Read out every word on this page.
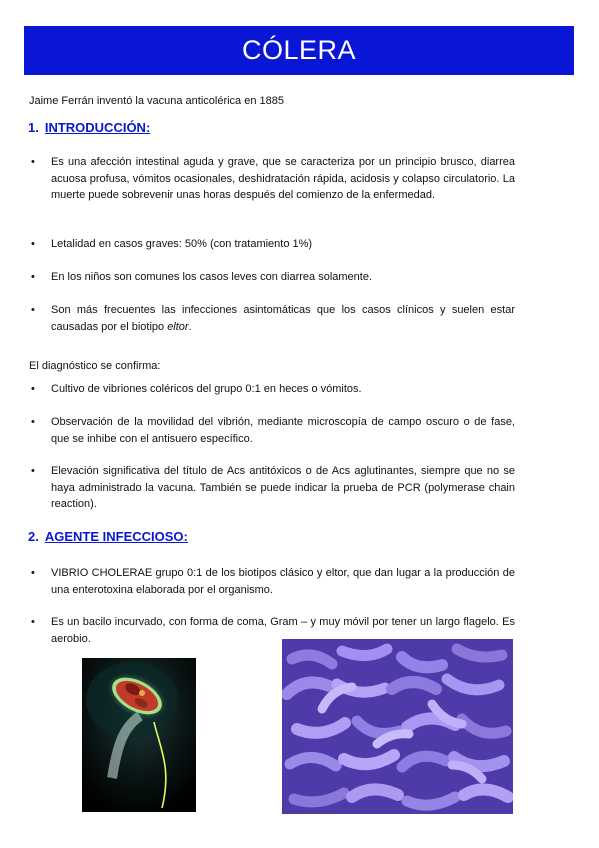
CÓLERA
Jaime Ferrán inventó la vacuna anticolérica en 1885
1. INTRODUCCIÓN:
• Es una afección intestinal aguda y grave, que se caracteriza por un principio brusco, diarrea acuosa profusa, vómitos ocasionales, deshidratación rápida, acidosis y colapso circulatorio. La muerte puede sobrevenir unas horas después del comienzo de la enfermedad.
• Letalidad en casos graves: 50% (con tratamiento 1%)
• En los niños son comunes los casos leves con diarrea solamente.
• Son más frecuentes las infecciones asintomáticas que los casos clínicos y suelen estar causadas por el biotipo eltor.
El diagnóstico se confirma:
• Cultivo de vibriones coléricos del grupo 0:1 en heces o vómitos.
• Observación de la movilidad del vibrión, mediante microscopía de campo oscuro o de fase, que se inhibe con el antisuero específico.
• Elevación significativa del título de Acs antitóxicos o de Acs aglutinantes, siempre que no se haya administrado la vacuna. También se puede indicar la prueba de PCR (polymerase chain reaction).
2. AGENTE INFECCIOSO:
• VIBRIO CHOLERAE grupo 0:1 de los biotipos clásico y eltor, que dan lugar a la producción de una enterotoxina elaborada por el organismo.
• Es un bacilo incurvado, con forma de coma, Gram – y muy móvil por tener un largo flagelo. Es aerobio.
